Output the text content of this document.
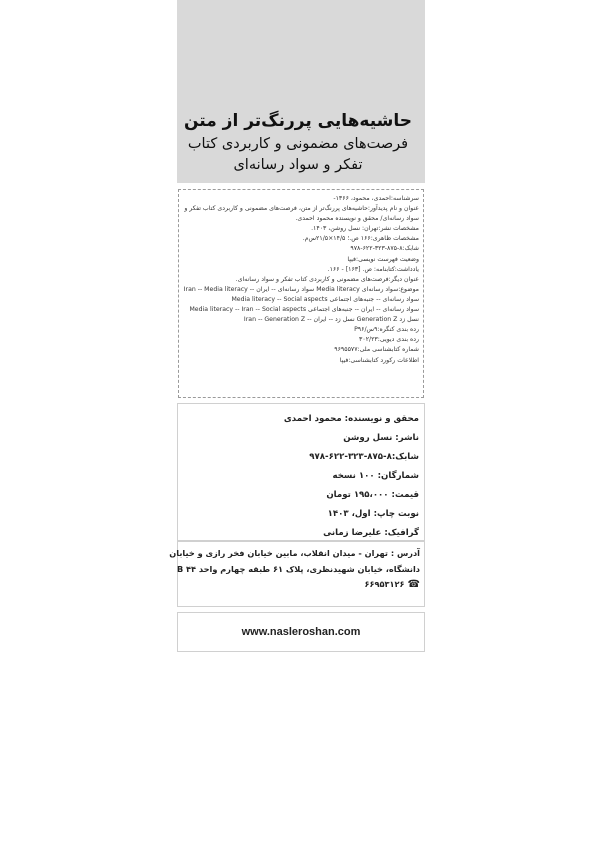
حاشیه‌هایی پررنگ‌تر از متن
فرصت‌های مضمونی و کاربردی کتاب
تفکر و سواد رسانه‌ای
سرشناسه:احمدی، محمود، ۱۳۶۶-
عنوان و نام پدیدآور:حاشیه‌های پررنگ‌تر از متن، فرصت‌های مضمونی و کاربردی کتاب تفکر و
سواد رسانه‌ای/ محقق و نویسنده محمود احمدی.
مشخصات نشر:تهران: نسل روشن، ۱۴۰۳.
مشخصات ظاهری:۱۶۶ ص.؛ ۱۴/۵×۲۱/۵س‌م.
شابک:۸-۸۷۵-۳۲۳-۶۲۲-۹۷۸
وضعیت فهرست نویسی:فیپا
یادداشت:کتابنامه: ص. [۱۶۳] - ۱۶۶.
عنوان دیگر:فرصت‌های مضمونی و کاربردی کتاب تفکر و سواد رسانه‌ای.
موضوع:سواد رسانه‌ای Media literacy سواد رسانه‌ای -- ایران -- Iran -- Media literacy
سواد رسانه‌ای -- جنبه‌های اجتماعی Media literacy -- Social aspects
سواد رسانه‌ای -- ایران -- جنبه‌های اجتماعی Media literacy -- Iran -- Social aspects
نسل زد Generation Z نسل زد -- ایران -- Iran -- Generation Z
رده بندی کنگره:۹س‌/P۹۶
رده بندی دیویی:۳۰۲/۲۳
شماره کتابشناسی ملی:۹۶۹۵۵۷۷
اطلاعات رکورد کتابشناسی:فیپا
محقق و نویسنده: محمود احمدی
ناشر: نسل روشن
شابک:۸-۸۷۵-۳۲۳-۶۲۲-۹۷۸
شمارگان: ۱۰۰ نسخه
قیمت: ۱۹۵،۰۰۰ تومان
نوبت چاپ: اول، ۱۴۰۳
گرافیک: علیرضا زمانی
آدرس : تهران - میدان انقلاب، مابین خیابان فخر رازی و خیابان
دانشگاه، خیابان شهیدنظری، پلاک ۶۱ طبقه چهارم واحد ۴۴ B
☎۶۶۹۵۳۱۲۶
www.nasleroshan.com
